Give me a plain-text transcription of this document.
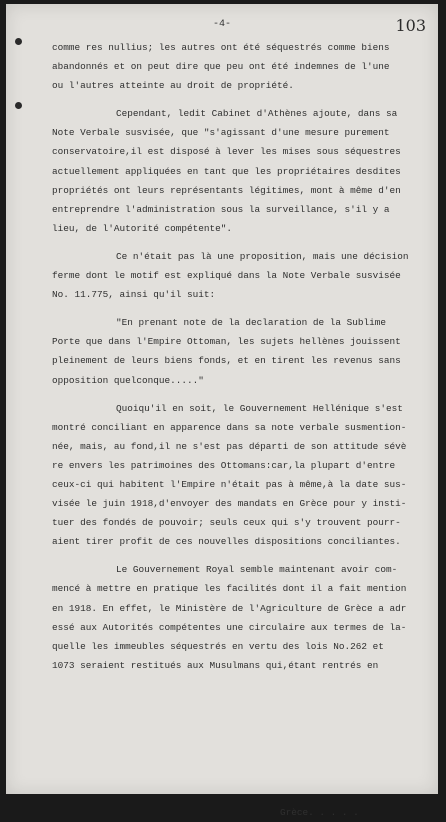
-4-	103
comme res nullius; les autres ont été séquestrés comme biens
abandonnés et on peut dire que peu ont été indemnes de l'une
ou l'autres atteinte au droit de propriété.
Cependant, ledit Cabinet d'Athènes ajoute, dans sa
Note Verbale susvisée, que "s'agissant d'une mesure purement
conservatoire,il est disposé à lever les mises sous séquestres
actuellement appliquées en tant que les propriétaires desdites
propriétés ont leurs représentants légitimes, mont à même d'en
entreprendre l'administration sous la surveillance, s'il y a
lieu, de l'Autorité compétente".
Ce n'était pas là une proposition, mais une décision
ferme dont le motif est expliqué dans la Note Verbale susvisée
No. 11.775, ainsi qu'il suit:
"En prenant note de la declaration de la Sublime
Porte que dans l'Empire Ottoman, les sujets hellènes jouissent
pleinement de leurs biens fonds, et en tirent les revenus sans
opposition quelconque....."
Quoiqu'il en soit, le Gouvernement Hellénique s'est
montré conciliant en apparence dans sa note verbale susmention-
née, mais, au fond,il ne s'est pas départi de son attitude sévè
re envers les patrimoines des Ottomans:car,la plupart d'entre
ceux-ci qui habitent l'Empire n'était pas à même,à la date sus-
visée le juin 1918,d'envoyer des mandats en Grèce pour y insti-
tuer des fondés de pouvoir; seuls ceux qui s'y trouvent pourr-
aient tirer profit de ces nouvelles dispositions conciliantes.
Le Gouvernement Royal semble maintenant avoir com-
mencé à mettre en pratique les facilités dont il a fait mention
en 1918. En effet, le Ministère de l'Agriculture de Grèce a adr
essé aux Autorités compétentes une circulaire aux termes de la-
quelle les immeubles séquestrés en vertu des lois No.262 et
1073 seraient restitués aux Musulmans qui,étant rentrés en
Grèce. . . . .
